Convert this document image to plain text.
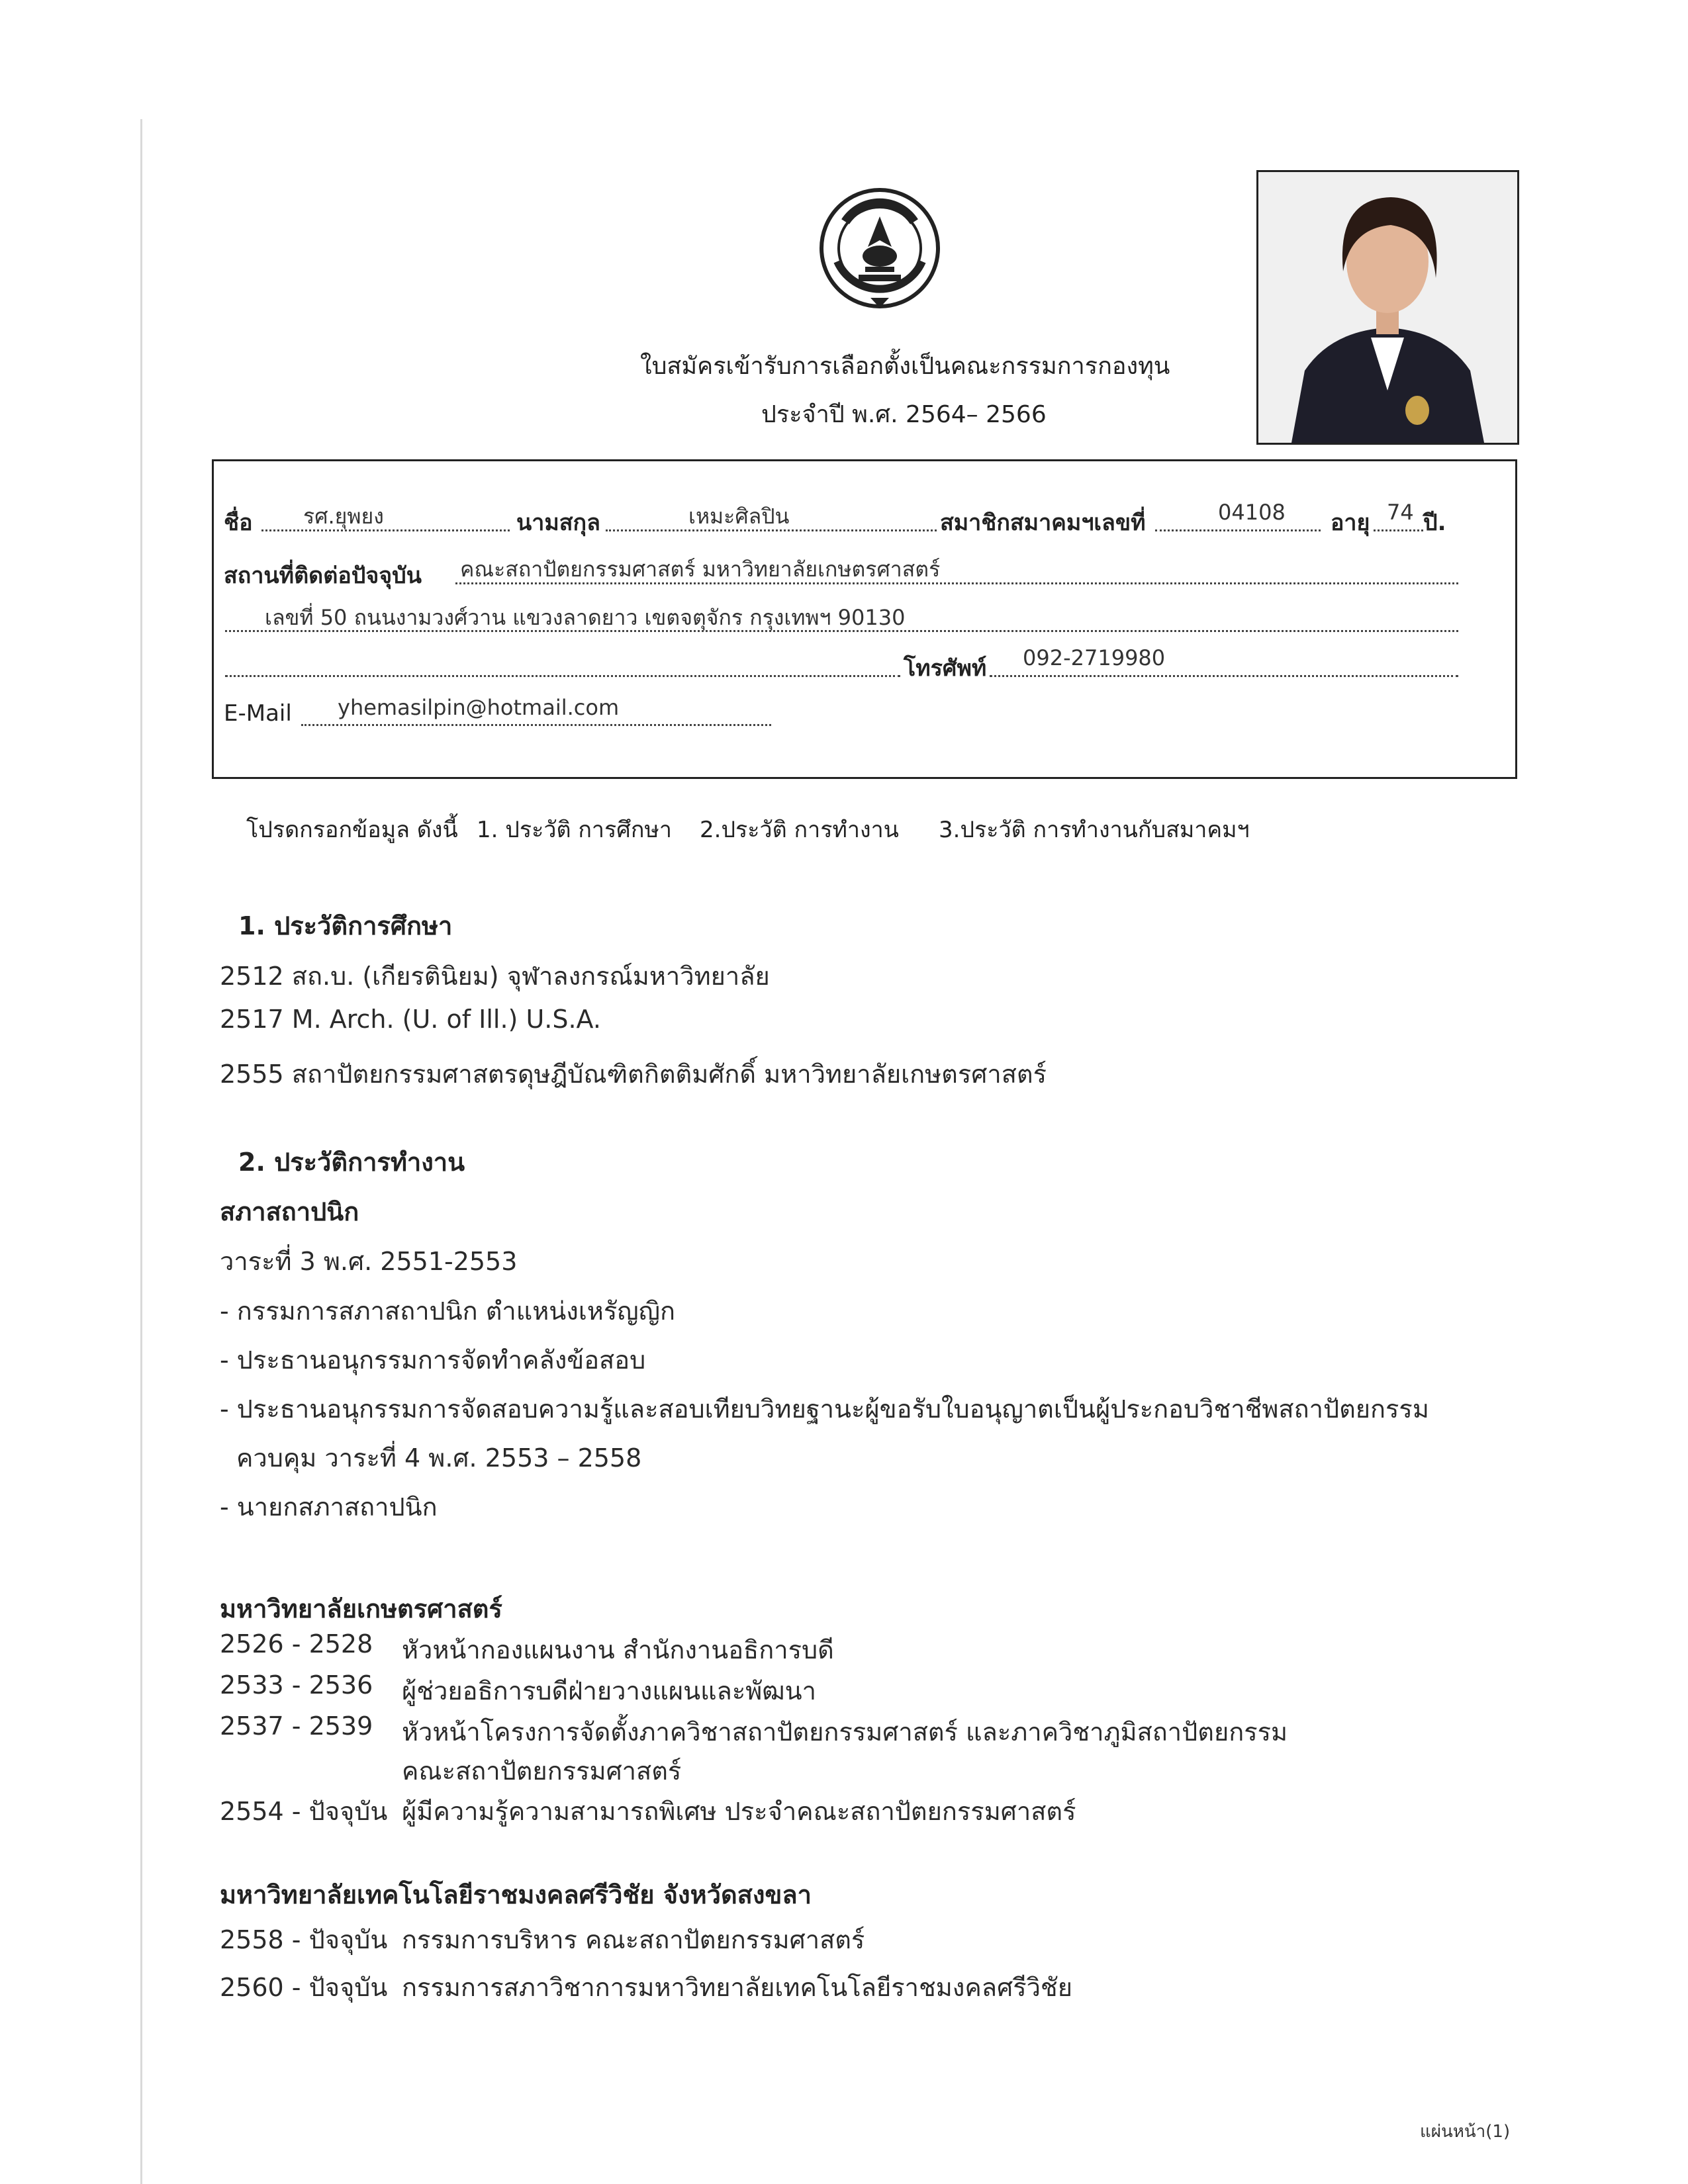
ใบสมัครเข้ารับการเลือกตั้งเป็นคณะกรรมการกองทุน
ประจำปี พ.ศ. 2564– 2566
ชื่อ รศ.ยุพยง	นามสกุล	เหมะศิลปิน	สมาชิกสมาคมฯเลขที่	04108 อายุ 74 ปี.
สถานที่ติดต่อปัจจุบัน คณะสถาปัตยกรรมศาสตร์ มหาวิทยาลัยเกษตรศาสตร์
เลขที่ 50 ถนนงามวงศ์วาน แขวงลาดยาว เขตจตุจักร กรุงเทพฯ 90130
โทรศัพท์ 092-2719980
E-Mail yhemasilpin@hotmail.com
โปรดกรอกข้อมูล ดังนี้ 1. ประวัติ การศึกษา 2.ประวัติ การทำงาน 3.ประวัติ การทำงานกับสมาคมฯ
1. ประวัติการศึกษา
2512 สถ.บ. (เกียรตินิยม) จุฬาลงกรณ์มหาวิทยาลัย
2517 M. Arch. (U. of Ill.) U.S.A.
2555 สถาปัตยกรรมศาสตรดุษฎีบัณฑิตกิตติมศักดิ์ มหาวิทยาลัยเกษตรศาสตร์
2. ประวัติการทำงาน
สภาสถาปนิก
วาระที่ 3 พ.ศ. 2551-2553
- กรรมการสภาสถาปนิก ตำแหน่งเหรัญญิก
- ประธานอนุกรรมการจัดทำคลังข้อสอบ
- ประธานอนุกรรมการจัดสอบความรู้และสอบเทียบวิทยฐานะผู้ขอรับใบอนุญาตเป็นผู้ประกอบวิชาชีพสถาปัตยกรรม
ควบคุม วาระที่ 4 พ.ศ. 2553 – 2558
- นายกสภาสถาปนิก
มหาวิทยาลัยเกษตรศาสตร์
2526 - 2528 หัวหน้ากองแผนงาน สำนักงานอธิการบดี
2533 - 2536 ผู้ช่วยอธิการบดีฝ่ายวางแผนและพัฒนา
2537 - 2539 หัวหน้าโครงการจัดตั้งภาควิชาสถาปัตยกรรมศาสตร์ และภาควิชาภูมิสถาปัตยกรรม
คณะสถาปัตยกรรมศาสตร์
2554 - ปัจจุบัน ผู้มีความรู้ความสามารถพิเศษ ประจำคณะสถาปัตยกรรมศาสตร์
มหาวิทยาลัยเทคโนโลยีราชมงคลศรีวิชัย จังหวัดสงขลา
2558 - ปัจจุบัน กรรมการบริหาร คณะสถาปัตยกรรมศาสตร์
2560 - ปัจจุบัน กรรมการสภาวิชาการมหาวิทยาลัยเทคโนโลยีราชมงคลศรีวิชัย
แผ่นหน้า(1)
